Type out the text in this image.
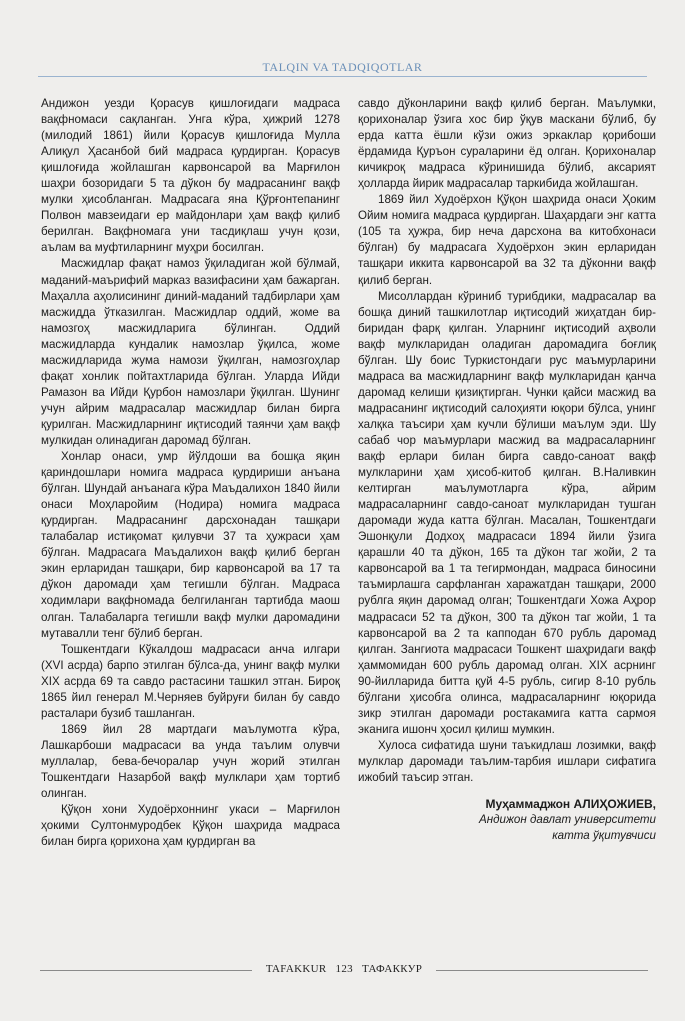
TALQIN VA TADQIQOTLAR

Андижон уезди Қорасув қишлоғидаги мадраса вақфномаси сақланган. Унга кўра, ҳижрий 1278 (милодий 1861) йили Қорасув қишлоғида Мулла Алиқул Ҳасанбой бий мадраса қурдирган. Қорасув қишлоғида жойлашган карвонсарой ва Марғилон шаҳри бозоридаги 5 та дўкон бу мадрасанинг вақф мулки ҳисобланган. Мадрасага яна Қўрғонтепанинг Полвон мавзеидаги ер майдонлари ҳам вақф қилиб берилган. Вақфномага уни тасдиқлаш учун қози, аълам ва муфтиларнинг муҳри босилган.

Масжидлар фақат намоз ўқиладиган жой бўлмай, маданий-маърифий марказ вазифасини ҳам бажарган. Маҳалла аҳолисининг диний-маданий тадбирлари ҳам масжидда ўтказилган. Масжидлар оддий, жоме ва намозгоҳ масжидларига бўлинган. Оддий масжидларда кундалик намозлар ўқилса, жоме масжидларида жума намози ўқилган, намозгоҳлар фақат хонлик пойтахтларида бўлган. Уларда Ийди Рамазон ва Ийди Қурбон намозлари ўқилган. Шунинг учун айрим мадрасалар масжидлар билан бирга қурилган. Масжидларнинг иқтисодий таянчи ҳам вақф мулкидан олинадиган даромад бўлган.

Хонлар онаси, умр йўлдоши ва бошқа яқин қариндошлари номига мадраса қурдириши анъана бўлган. Шундай анъанага кўра Маъдалихон 1840 йили онаси Моҳларойим (Нодира) номига мадраса қурдирган. Мадрасанинг дарсхонадан ташқари талабалар истиқомат қилувчи 37 та ҳужраси ҳам бўлган. Мадрасага Маъдалихон вақф қилиб берган экин ерларидан ташқари, бир карвонсарой ва 17 та дўкон даромади ҳам тегишли бўлган. Мадраса ходимлари вақфномада белгиланган тартибда маош олган. Талабаларга тегишли вақф мулки даромадини мутавалли тенг бўлиб берган.

Тошкентдаги Кўкалдош мадрасаси анча илгари (XVI асрда) барпо этилган бўлса-да, унинг вақф мулки XIX асрда 69 та савдо растасини ташкил этган. Бироқ 1865 йил генерал М.Черняев буйруғи билан бу савдо расталари бузиб ташланган.

1869 йил 28 мартдаги маълумотга кўра, Лашкарбоши мадрасаси ва унда таълим олувчи муллалар, бева-бечоралар учун жорий этилган Тошкентдаги Назарбой вақф мулклари ҳам тортиб олинган.

Қўқон хони Худоёрхоннинг укаси – Марғилон ҳокими Султонмуродбек Қўқон шаҳрида мадраса билан бирга қорихона ҳам қурдирган ва

савдо дўконларини вақф қилиб берган. Маълумки, қорихоналар ўзига хос бир ўқув маскани бўлиб, бу ерда катта ёшли кўзи ожиз эркаклар қорибоши ёрдамида Қуръон сураларини ёд олган. Қорихоналар кичикроқ мадраса кўринишида бўлиб, аксарият ҳолларда йирик мадрасалар таркибида жойлашган.

1869 йил Худоёрхон Қўқон шаҳрида онаси Ҳоким Ойим номига мадраса қурдирган. Шаҳардаги энг катта (105 та ҳужра, бир неча дарсхона ва китобхонаси бўлган) бу мадрасага Худоёрхон экин ерларидан ташқари иккита карвонсарой ва 32 та дўконни вақф қилиб берган.

Мисоллардан кўриниб турибдики, мадрасалар ва бошқа диний ташкилотлар иқтисодий жиҳатдан бир-биридан фарқ қилган. Уларнинг иқтисодий аҳволи вақф мулкларидан оладиган даромадига боғлиқ бўлган. Шу боис Туркистондаги рус маъмурларини мадраса ва масжидларнинг вақф мулкларидан қанча даромад келиши қизиқтирган. Чунки қайси масжид ва мадрасанинг иқтисодий салоҳияти юқори бўлса, унинг халқка таъсири ҳам кучли бўлиши маълум эди. Шу сабаб чор маъмурлари масжид ва мадрасаларнинг вақф ерлари билан бирга савдо-саноат вақф мулкларини ҳам ҳисоб-китоб қилган. В.Наливкин келтирган маълумотларга кўра, айрим мадрасаларнинг савдо-саноат мулкларидан тушган даромади жуда катта бўлган. Масалан, Тошкентдаги Эшонқули Додхоҳ мадрасаси 1894 йили ўзига қарашли 40 та дўкон, 165 та дўкон таг жойи, 2 та карвонсарой ва 1 та тегирмондан, мадраса биносини таъмирлашга сарфланган харажатдан ташқари, 2000 рублга яқин даромад олган; Тошкентдаги Хожа Аҳрор мадрасаси 52 та дўкон, 300 та дўкон таг жойи, 1 та карвонсарой ва 2 та капподан 670 рубль даромад қилган. Зангиота мадрасаси Тошкент шаҳридаги вақф ҳаммомидан 600 рубль даромад олган. XIX асрнинг 90-йилларида битта қуй 4-5 рубль, сигир 8-10 рубль бўлгани ҳисобга олинса, мадрасаларнинг юқорида зикр этилган даромади ростакамига катта сармоя эканига ишонч ҳосил қилиш мумкин.

Хулоса сифатида шуни таъкидлаш лозимки, вақф мулклар даромади таълим-тарбия ишлари сифатига ижобий таъсир этган.

Муҳаммаджон АЛИҲОЖИЕВ,
Андижон давлат университети
катта ўқитувчиси
TAFAKKUR 123 ТАФАККУР
